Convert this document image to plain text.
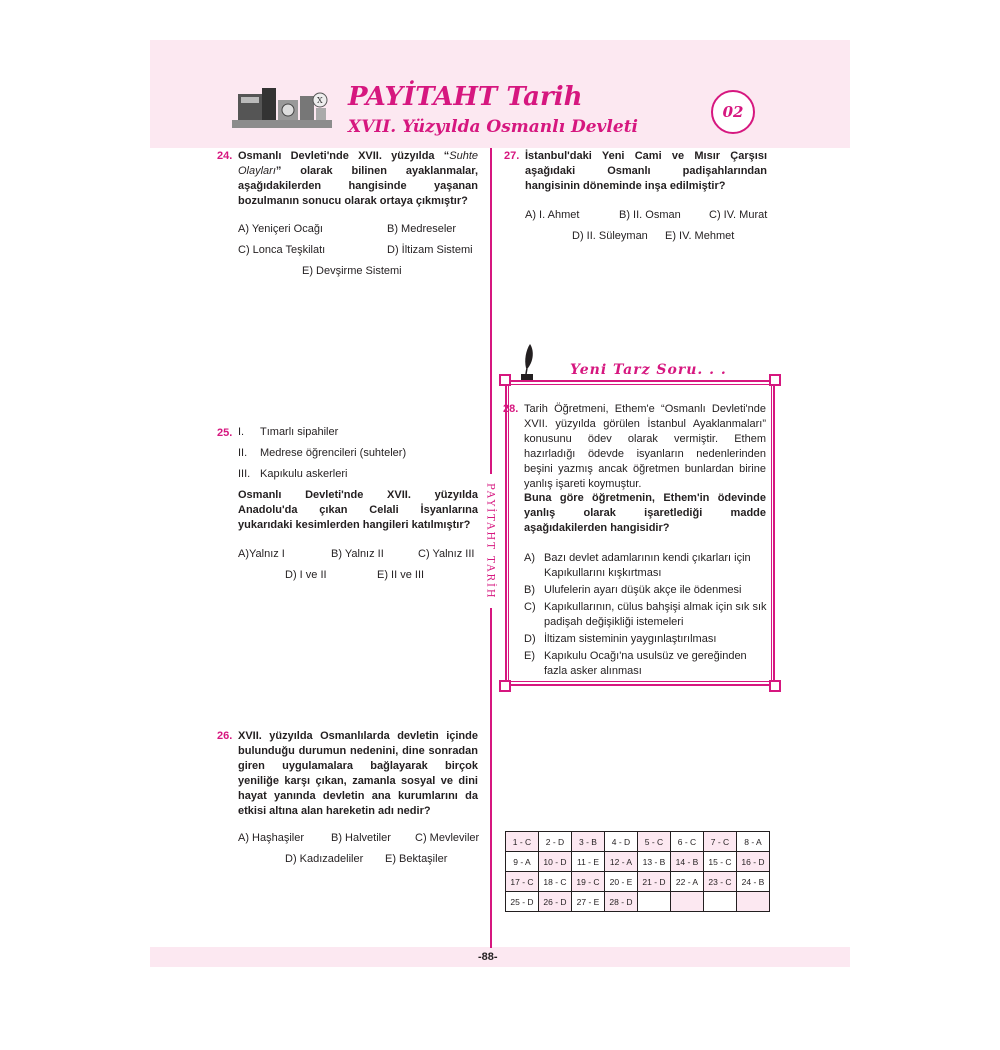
X PAYİTAHT Tarih
XVII. Yüzyılda Osmanlı Devleti
02
PAYİTAHT TARİH
24. Osmanlı Devleti'nde XVII. yüzyılda “Suhte Olayları” olarak bilinen ayaklanmalar, aşağıdakilerden hangisinde yaşanan bozulmanın sonucu olarak ortaya çıkmıştır?
A) Yeniçeri Ocağı	B) Medreseler
C) Lonca Teşkilatı	D) İltizam Sistemi
E) Devşirme Sistemi
25. I. Tımarlı sipahiler
II. Medrese öğrencileri (suhteler)
III. Kapıkulu askerleri
Osmanlı Devleti'nde XVII. yüzyılda Anadolu'da çıkan Celali İsyanlarına yukarıdaki kesimlerden hangileri katılmıştır?
A)Yalnız I	B) Yalnız II	C) Yalnız III
D) I ve II	E) II ve III
26. XVII. yüzyılda Osmanlılarda devletin içinde bulunduğu durumun nedenini, dine sonradan giren uygulamalara bağlayarak birçok yeniliğe karşı çıkan, zamanla sosyal ve dini hayat yanında devletin ana kurumlarını da etkisi altına alan hareketin adı nedir?
A) Haşhaşiler B) Halvetiler C) Mevleviler
D) Kadızadeliler E) Bektaşiler
27. İstanbul'daki Yeni Cami ve Mısır Çarşısı aşağıdaki Osmanlı padişahlarından hangisinin döneminde inşa edilmiştir?
A) I. Ahmet	B) II. Osman	C) IV. Murat
D) II. Süleyman E) IV. Mehmet
Yeni Tarz Soru. . .
28. Tarih Öğretmeni, Ethem'e “Osmanlı Devleti'nde XVII. yüzyılda görülen İstanbul Ayaklanmaları” konusunu ödev olarak vermiştir. Ethem hazırladığı ödevde isyanların nedenlerinden beşini yazmış ancak öğretmen bunlardan birine yanlış işareti koymuştur.
Buna göre öğretmenin, Ethem'in ödevinde yanlış olarak işaretlediği madde aşağıdakilerden hangisidir?
A) Bazı devlet adamlarının kendi çıkarları için Kapıkullarını kışkırtması
B) Ulufelerin ayarı düşük akçe ile ödenmesi
C) Kapıkullarının, cülus bahşişi almak için sık sık padişah değişikliği istemeleri
D) İltizam sisteminin yaygınlaştırılması
E) Kapıkulu Ocağı'na usulsüz ve gereğinden fazla asker alınması
1 - C	2 - D	3 - B	4 - D	5 - C	6 - C	7 - C	8 - A
9 - A	10 - D	11 - E	12 - A	13 - B	14 - B	15 - C	16 - D
17 - C	18 - C	19 - C	20 - E	21 - D	22 - A	23 - C	24 - B
25 - D	26 - D	27 - E	28 - D				
-88-
